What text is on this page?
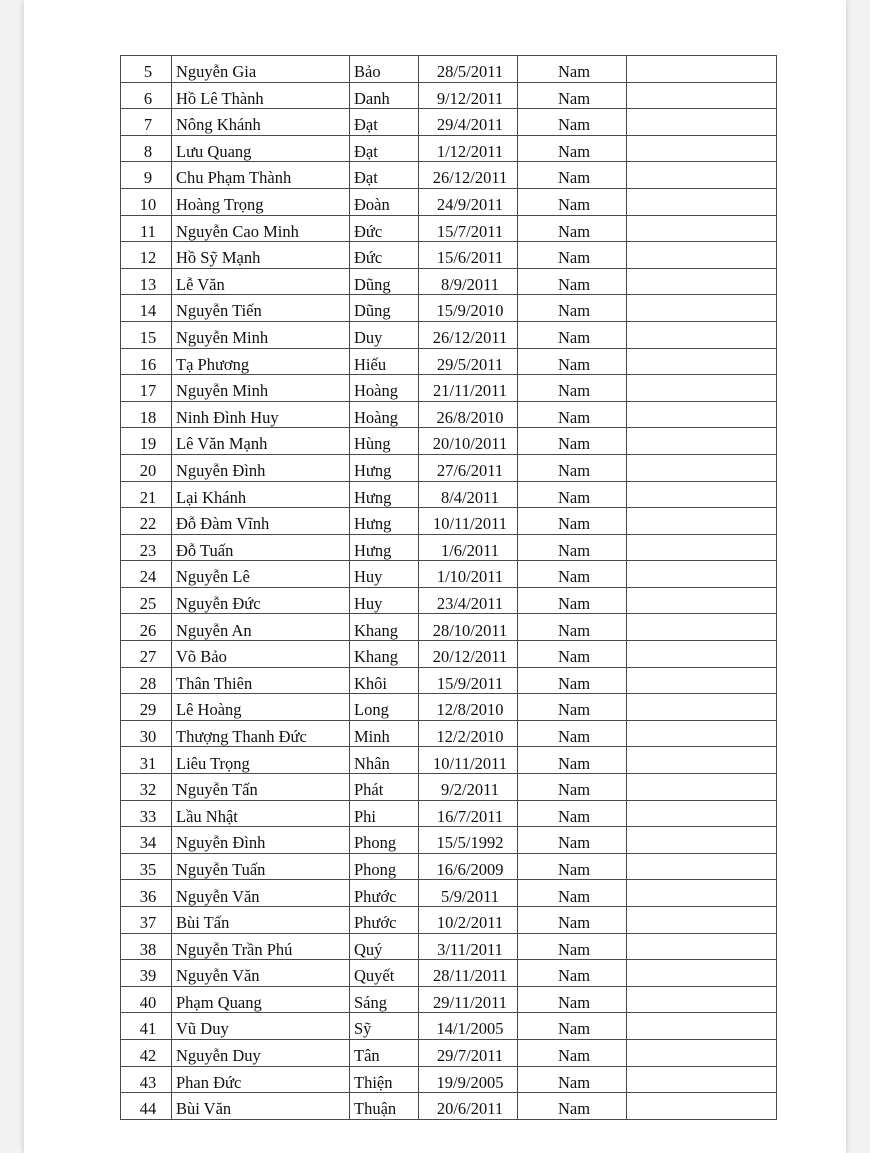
5	Nguyễn Gia	Bảo	28/5/2011	Nam	
6	Hồ Lê Thành	Danh	9/12/2011	Nam	
7	Nông Khánh	Đạt	29/4/2011	Nam	
8	Lưu Quang	Đạt	1/12/2011	Nam	
9	Chu Phạm Thành	Đạt	26/12/2011	Nam	
10	Hoàng Trọng	Đoàn	24/9/2011	Nam	
11	Nguyễn Cao Minh	Đức	15/7/2011	Nam	
12	Hồ Sỹ Mạnh	Đức	15/6/2011	Nam	
13	Lễ Văn	Dũng	8/9/2011	Nam	
14	Nguyễn Tiến	Dũng	15/9/2010	Nam	
15	Nguyễn Minh	Duy	26/12/2011	Nam	
16	Tạ Phương	Hiếu	29/5/2011	Nam	
17	Nguyễn Minh	Hoàng	21/11/2011	Nam	
18	Ninh Đình Huy	Hoàng	26/8/2010	Nam	
19	Lê Văn Mạnh	Hùng	20/10/2011	Nam	
20	Nguyễn Đình	Hưng	27/6/2011	Nam	
21	Lại Khánh	Hưng	8/4/2011	Nam	
22	Đỗ Đàm Vĩnh	Hưng	10/11/2011	Nam	
23	Đỗ Tuấn	Hưng	1/6/2011	Nam	
24	Nguyễn Lê	Huy	1/10/2011	Nam	
25	Nguyễn Đức	Huy	23/4/2011	Nam	
26	Nguyễn An	Khang	28/10/2011	Nam	
27	Võ Bảo	Khang	20/12/2011	Nam	
28	Thân Thiên	Khôi	15/9/2011	Nam	
29	Lê Hoàng	Long	12/8/2010	Nam	
30	Thượng Thanh Đức	Minh	12/2/2010	Nam	
31	Liêu Trọng	Nhân	10/11/2011	Nam	
32	Nguyễn Tấn	Phát	9/2/2011	Nam	
33	Lầu Nhật	Phi	16/7/2011	Nam	
34	Nguyễn Đình	Phong	15/5/1992	Nam	
35	Nguyễn Tuấn	Phong	16/6/2009	Nam	
36	Nguyễn Văn	Phước	5/9/2011	Nam	
37	Bùi Tấn	Phước	10/2/2011	Nam	
38	Nguyễn Trần Phú	Quý	3/11/2011	Nam	
39	Nguyễn Văn	Quyết	28/11/2011	Nam	
40	Phạm Quang	Sáng	29/11/2011	Nam	
41	Vũ Duy	Sỹ	14/1/2005	Nam	
42	Nguyễn Duy	Tân	29/7/2011	Nam	
43	Phan Đức	Thiện	19/9/2005	Nam	
44	Bùi Văn	Thuận	20/6/2011	Nam	
